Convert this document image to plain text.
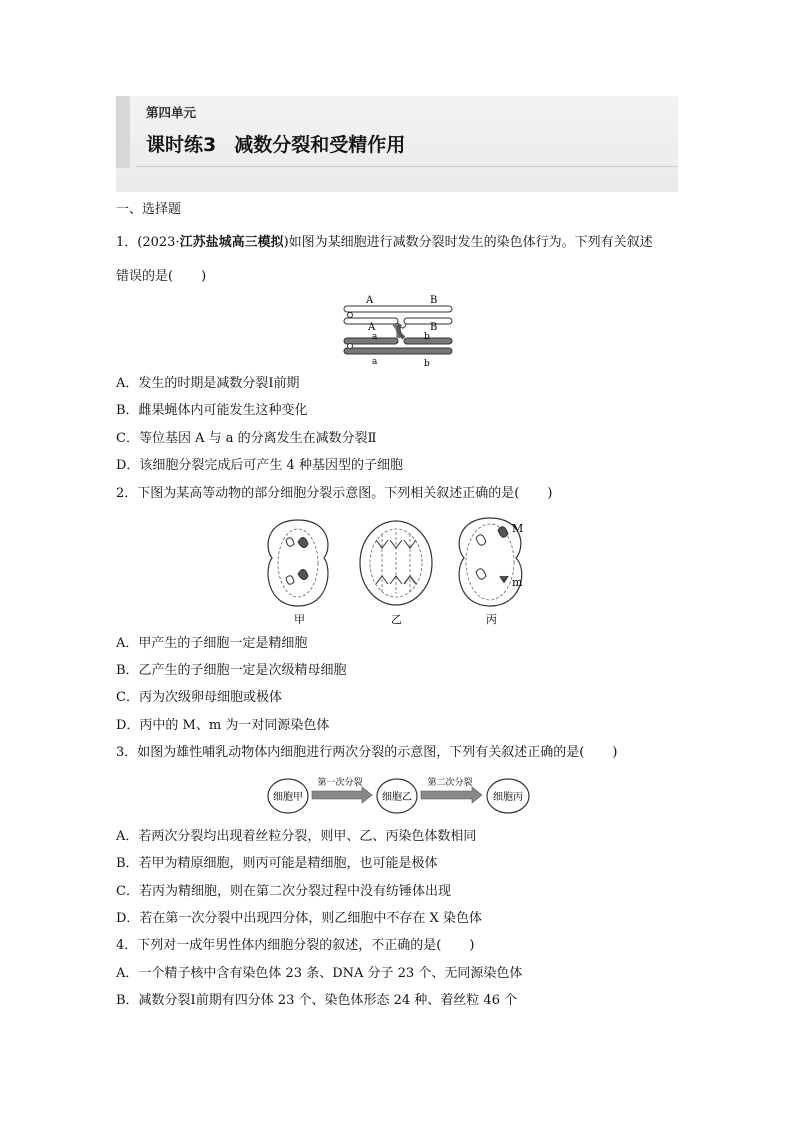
第四单元
课时练3 减数分裂和受精作用
一、选择题
1．(2023·江苏盐城高三模拟)如图为某细胞进行减数分裂时发生的染色体行为。下列有关叙述
错误的是( )
A	B
A	B
a	b
a	b
A．发生的时期是减数分裂Ⅰ前期
B．雌果蝇体内可能发生这种变化
C．等位基因 A 与 a 的分离发生在减数分裂Ⅱ
D．该细胞分裂完成后可产生 4 种基因型的子细胞
2．下图为某高等动物的部分细胞分裂示意图。下列相关叙述正确的是( )
甲	乙
M
m
丙
A．甲产生的子细胞一定是精细胞
B．乙产生的子细胞一定是次级精母细胞
C．丙为次级卵母细胞或极体
D．丙中的 M、m 为一对同源染色体
3．如图为雄性哺乳动物体内细胞进行两次分裂的示意图，下列有关叙述正确的是( )
细胞甲
第一次分裂
细胞乙
第二次分裂
细胞丙
A．若两次分裂均出现着丝粒分裂，则甲、乙、丙染色体数相同
B．若甲为精原细胞，则丙可能是精细胞，也可能是极体
C．若丙为精细胞，则在第二次分裂过程中没有纺锤体出现
D．若在第一次分裂中出现四分体，则乙细胞中不存在 X 染色体
4．下列对一成年男性体内细胞分裂的叙述，不正确的是( )
A．一个精子核中含有染色体 23 条、DNA 分子 23 个、无同源染色体
B．减数分裂Ⅰ前期有四分体 23 个、染色体形态 24 种、着丝粒 46 个
